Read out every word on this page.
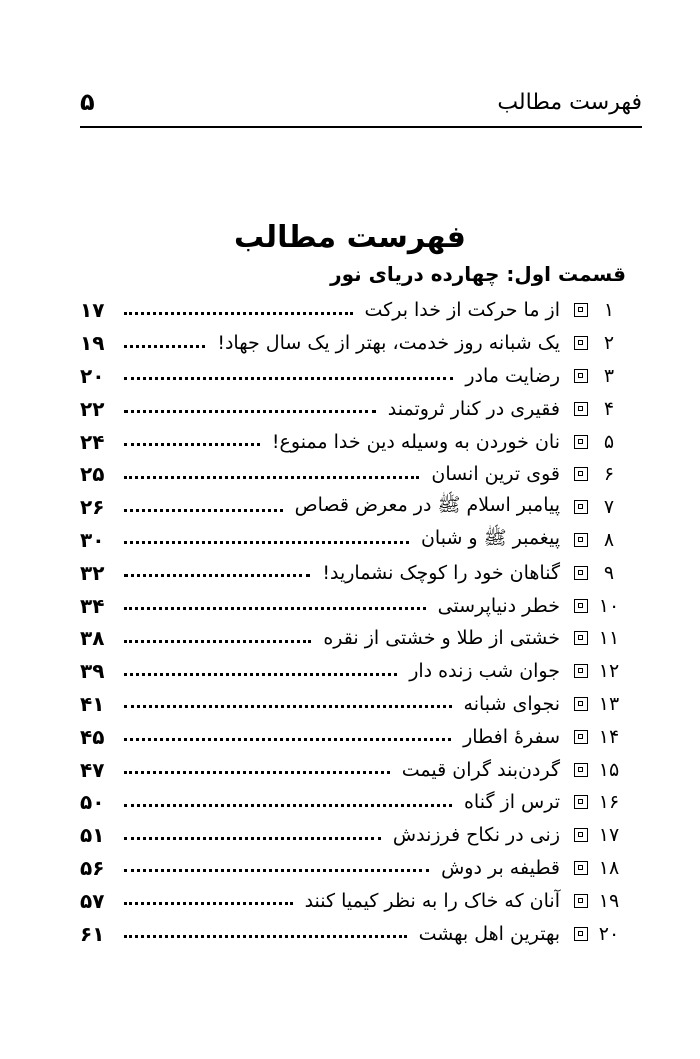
فهرست مطالب
۵
فهرست مطالب
قسمت اول: چهارده دریای نور
۱
از ما حرکت از خدا برکت
۱۷
۲
یک شبانه روز خدمت، بهتر از یک سال جهاد!
۱۹
۳
رضایت مادر
۲۰
۴
فقیری در کنار ثروتمند
۲۲
۵
نان خوردن به وسیله دین خدا ممنوع!
۲۴
۶
قوی ترین انسان
۲۵
۷
پیامبر اسلام ﷺ در معرض قصاص
۲۶
۸
پیغمبر ﷺ و شبان
۳۰
۹
گناهان خود را کوچک نشمارید!
۳۲
۱۰
خطر دنیاپرستی
۳۴
۱۱
خشتی از طلا و خشتی از نقره
۳۸
۱۲
جوان شب زنده دار
۳۹
۱۳
نجوای شبانه
۴۱
۱۴
سفرهٔ افطار
۴۵
۱۵
گردن‌بند گران قیمت
۴۷
۱۶
ترس از گناه
۵۰
۱۷
زنی در نکاح فرزندش
۵۱
۱۸
قطیفه بر دوش
۵۶
۱۹
آنان که خاک را به نظر کیمیا کنند
۵۷
۲۰
بهترین اهل بهشت
۶۱
